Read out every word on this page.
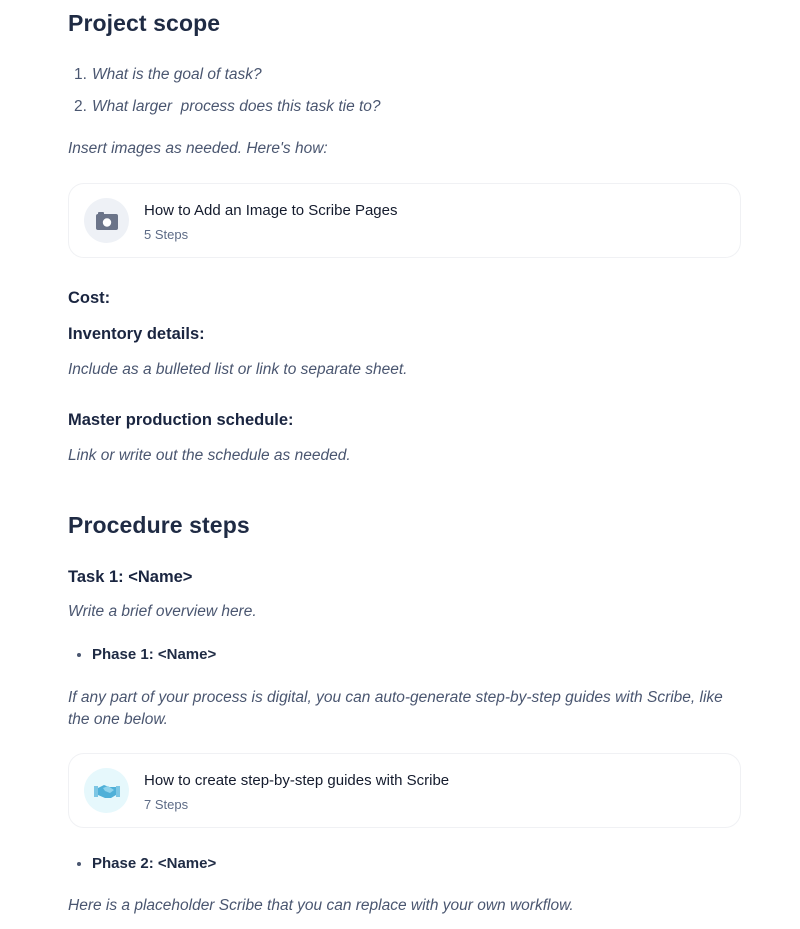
Project scope
1. What is the goal of task?
2. What larger  process does this task tie to?

Insert images as needed. Here's how:

How to Add an Image to Scribe Pages
5 Steps
Cost:
Inventory details:

Include as a bulleted list or link to separate sheet.

Master production schedule:

Link or write out the schedule as needed.

Procedure steps
Task 1: <Name>

Write a brief overview here.

Phase 1: <Name>

If any part of your process is digital, you can auto-generate step-by-step guides with Scribe, like the one below.

How to create step-by-step guides with Scribe
7 Steps
Phase 2: <Name>

Here is a placeholder Scribe that you can replace with your own workflow.
